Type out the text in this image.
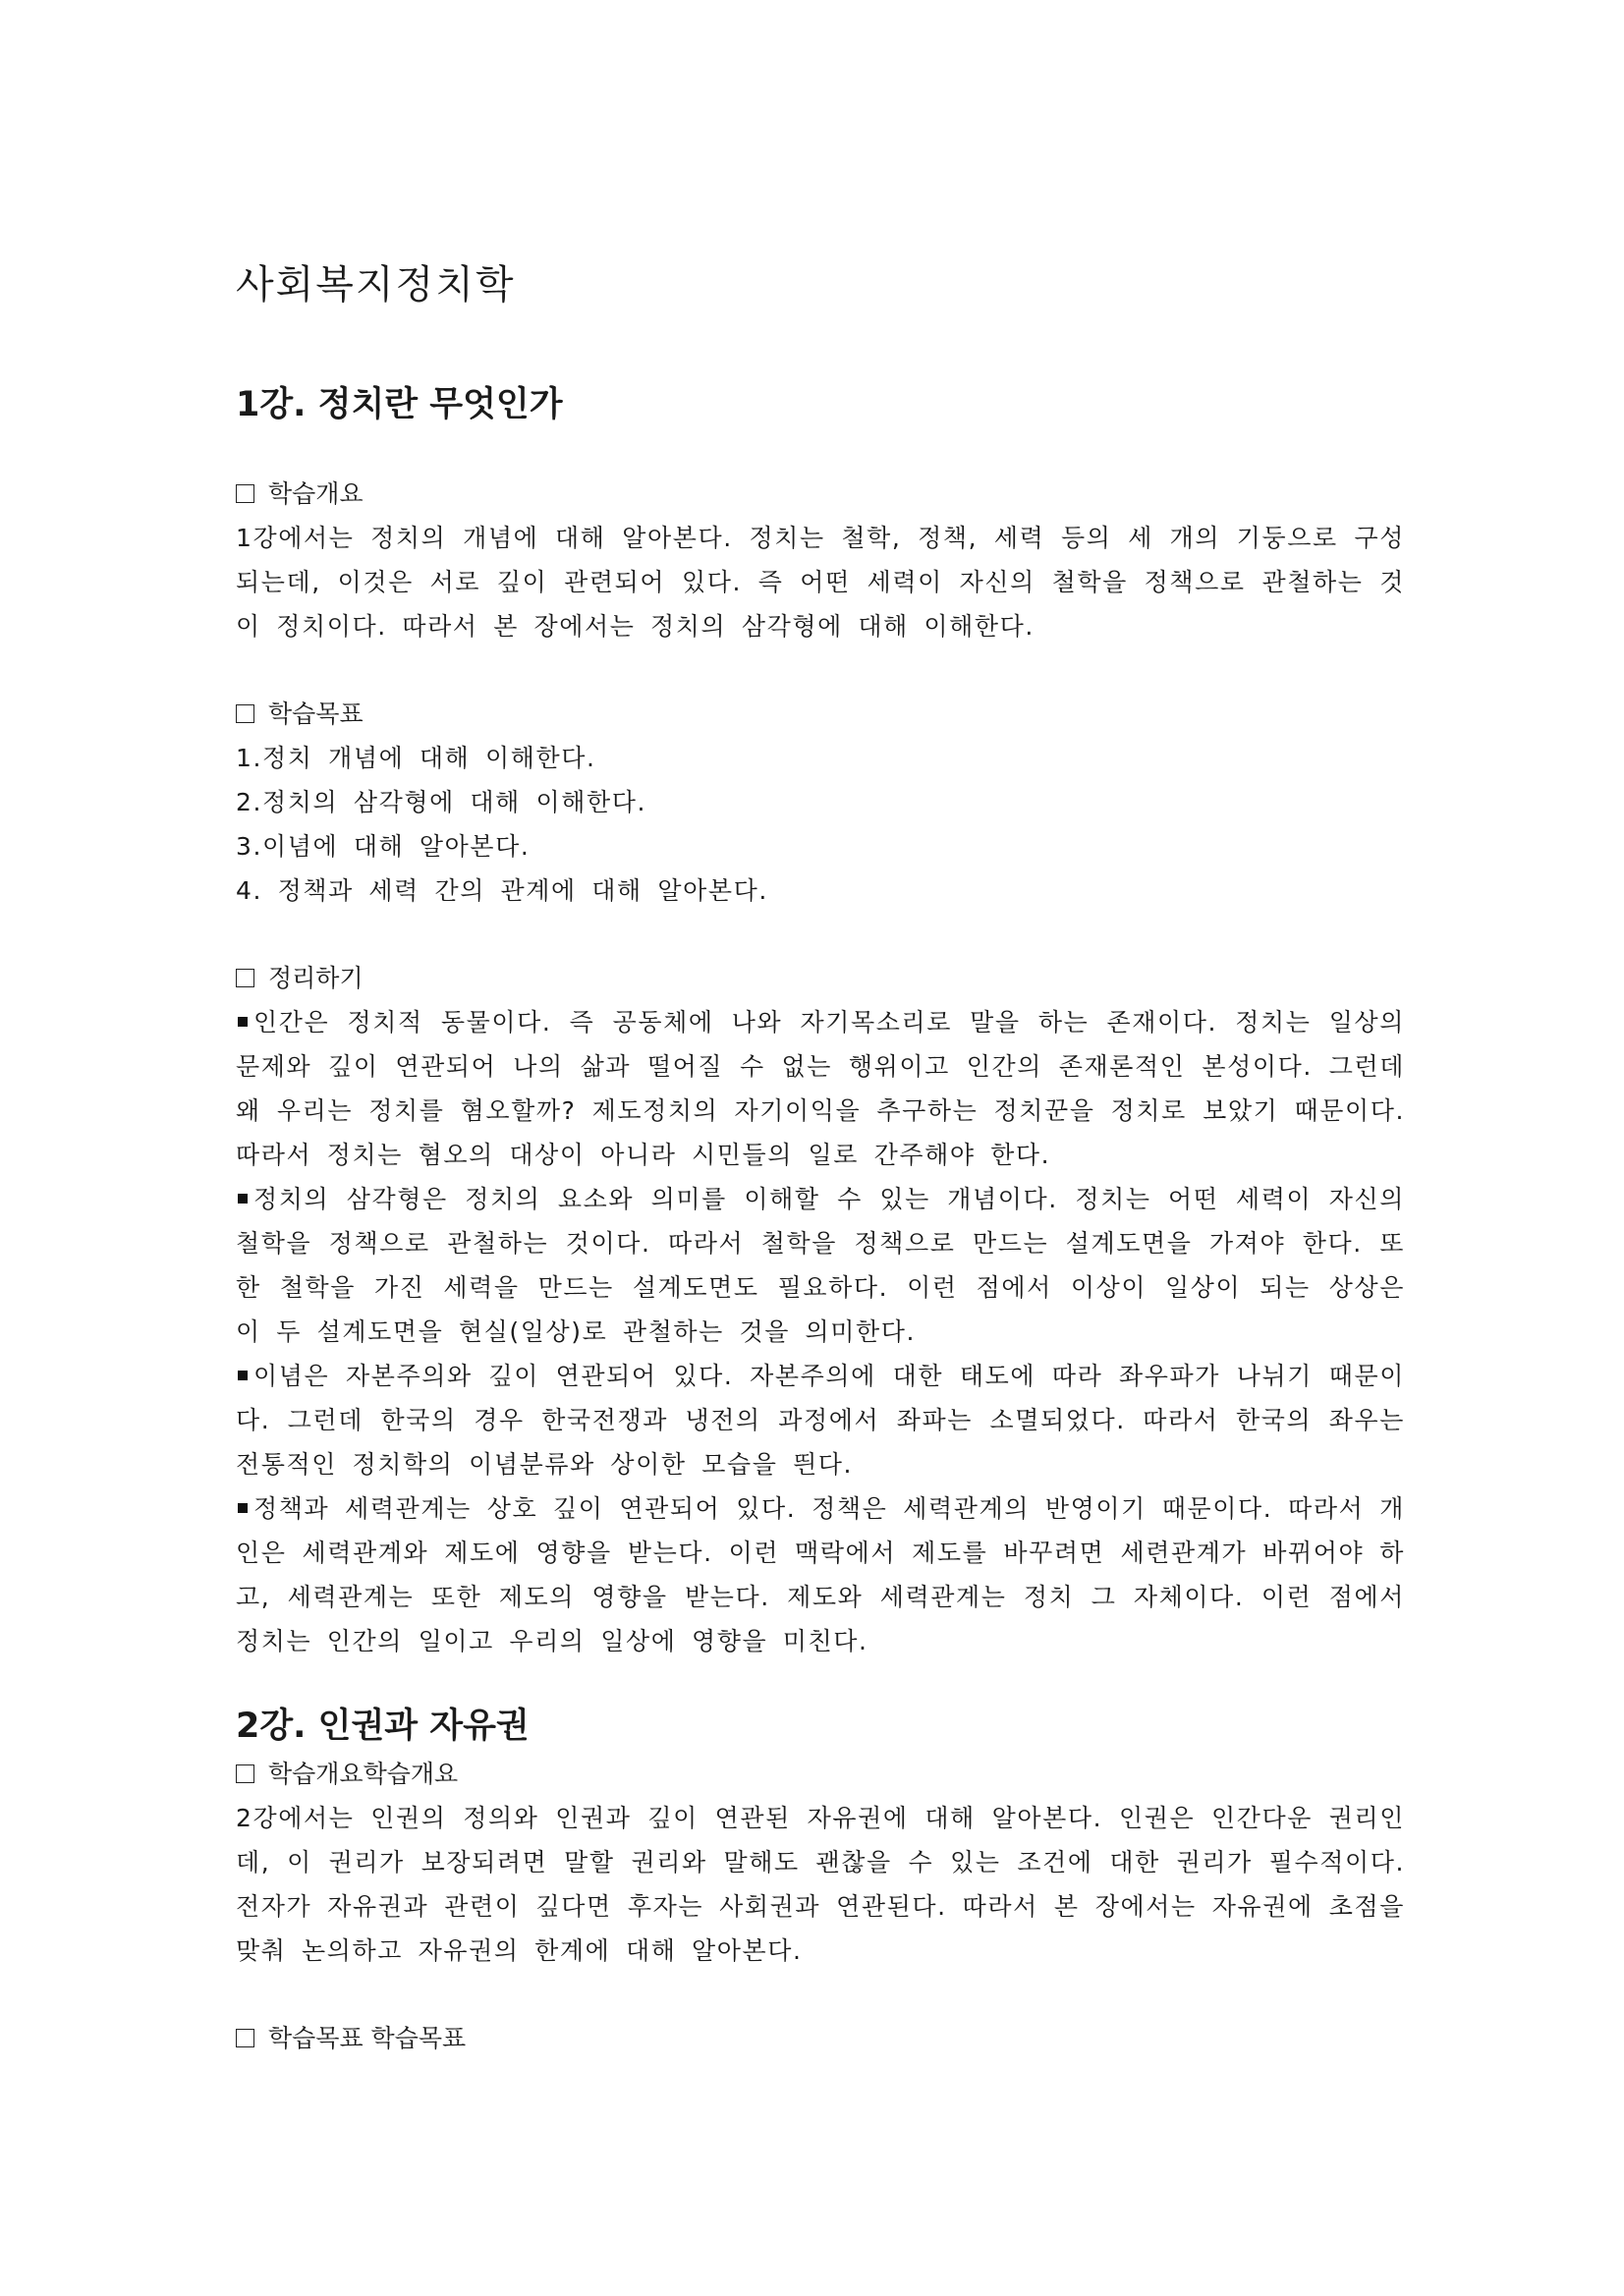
사회복지정치학
1강. 정치란 무엇인가

학습개요

1강에서는 정치의 개념에 대해 알아본다. 정치는 철학, 정책, 세력 등의 세 개의 기둥으로 구성되는데, 이것은 서로 깊이 관련되어 있다. 즉 어떤 세력이 자신의 철학을 정책으로 관철하는 것이 정치이다. 따라서 본 장에서는 정치의 삼각형에 대해 이해한다.

학습목표

1.정치 개념에 대해 이해한다.
2.정치의 삼각형에 대해 이해한다.
3.이념에 대해 알아본다.
4. 정책과 세력 간의 관계에 대해 알아본다.

정리하기

인간은 정치적 동물이다. 즉 공동체에 나와 자기목소리로 말을 하는 존재이다. 정치는 일상의 문제와 깊이 연관되어 나의 삶과 떨어질 수 없는 행위이고 인간의 존재론적인 본성이다. 그런데 왜 우리는 정치를 혐오할까? 제도정치의 자기이익을 추구하는 정치꾼을 정치로 보았기 때문이다. 따라서 정치는 혐오의 대상이 아니라 시민들의 일로 간주해야 한다.

정치의 삼각형은 정치의 요소와 의미를 이해할 수 있는 개념이다. 정치는 어떤 세력이 자신의 철학을 정책으로 관철하는 것이다. 따라서 철학을 정책으로 만드는 설계도면을 가져야 한다. 또한 철학을 가진 세력을 만드는 설계도면도 필요하다. 이런 점에서 이상이 일상이 되는 상상은 이 두 설계도면을 현실(일상)로 관철하는 것을 의미한다.

이념은 자본주의와 깊이 연관되어 있다. 자본주의에 대한 태도에 따라 좌우파가 나뉘기 때문이다. 그런데 한국의 경우 한국전쟁과 냉전의 과정에서 좌파는 소멸되었다. 따라서 한국의 좌우는 전통적인 정치학의 이념분류와 상이한 모습을 띈다.

정책과 세력관계는 상호 깊이 연관되어 있다. 정책은 세력관계의 반영이기 때문이다. 따라서 개인은 세력관계와 제도에 영향을 받는다. 이런 맥락에서 제도를 바꾸려면 세련관계가 바뀌어야 하고, 세력관계는 또한 제도의 영향을 받는다. 제도와 세력관계는 정치 그 자체이다. 이런 점에서 정치는 인간의 일이고 우리의 일상에 영향을 미친다.

2강. 인권과 자유권

학습개요학습개요

2강에서는 인권의 정의와 인권과 깊이 연관된 자유권에 대해 알아본다. 인권은 인간다운 권리인데, 이 권리가 보장되려면 말할 권리와 말해도 괜찮을 수 있는 조건에 대한 권리가 필수적이다. 전자가 자유권과 관련이 깊다면 후자는 사회권과 연관된다. 따라서 본 장에서는 자유권에 초점을 맞춰 논의하고 자유권의 한계에 대해 알아본다.

학습목표 학습목표
